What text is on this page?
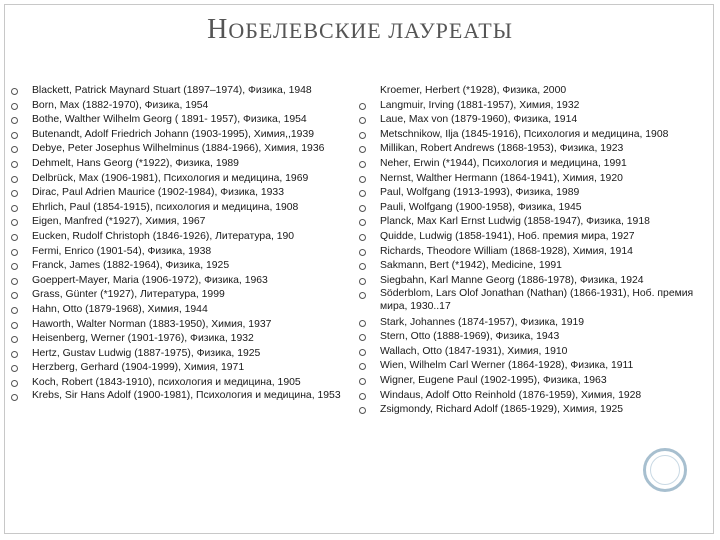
НОБЕЛЕВСКИЕ ЛАУРЕАТЫ
Blackett, Patrick Maynard Stuart (1897–1974), Физика, 1948
Born, Max (1882-1970), Физика, 1954
Bothe, Walther Wilhelm Georg ( 1891- 1957), Физика, 1954
Butenandt, Adolf Friedrich Johann (1903-1995), Химия,,1939
Debye, Peter Josephus Wilhelminus (1884-1966), Химия, 1936
Dehmelt, Hans Georg (*1922), Физика, 1989
Delbrück, Max (1906-1981), Психология и медицина, 1969
Dirac, Paul Adrien Maurice (1902-1984), Физика, 1933
Ehrlich, Paul (1854-1915), психология и медицина, 1908
Eigen, Manfred (*1927), Химия, 1967
Eucken, Rudolf Christoph (1846-1926), Литература, 190
Fermi, Enrico (1901-54), Физика, 1938
Franck, James (1882-1964), Физика, 1925
Goeppert-Mayer, Maria (1906-1972), Физика, 1963
Grass, Günter (*1927), Литература, 1999
Hahn, Otto (1879-1968), Химия, 1944
Haworth, Walter Norman (1883-1950), Химия, 1937
Heisenberg, Werner (1901-1976), Физика, 1932
Hertz, Gustav Ludwig (1887-1975), Физика, 1925
Herzberg, Gerhard (1904-1999), Химия, 1971
Koch, Robert (1843-1910), психология и медицина, 1905
Krebs, Sir Hans Adolf (1900-1981), Психология и медицина, 1953
Kroemer, Herbert (*1928), Физика, 2000
Langmuir, Irving (1881-1957), Химия, 1932
Laue, Max von (1879-1960), Физика, 1914
Metschnikow, Ilja (1845-1916), Психология и медицина, 1908
Millikan, Robert Andrews (1868-1953), Физика, 1923
Neher, Erwin (*1944), Психология и медицина, 1991
Nernst, Walther Hermann (1864-1941), Химия, 1920
Paul, Wolfgang (1913-1993), Физика, 1989
Pauli, Wolfgang (1900-1958), Физика, 1945
Planck, Max Karl Ernst Ludwig (1858-1947), Физика, 1918
Quidde, Ludwig (1858-1941), Ноб. премия мира, 1927
Richards, Theodore William (1868-1928), Химия, 1914
Sakmann, Bert (*1942), Medicine, 1991
Siegbahn, Karl Manne Georg (1886-1978), Физика, 1924
Söderblom, Lars Olof Jonathan (Nathan) (1866-1931), Ноб. премия мира, 1930..17
Stark, Johannes (1874-1957), Физика, 1919
Stern, Otto (1888-1969), Физика, 1943
Wallach, Otto (1847-1931), Химия, 1910
Wien, Wilhelm Carl Werner (1864-1928), Физика, 1911
Wigner, Eugene Paul (1902-1995), Физика, 1963
Windaus, Adolf Otto Reinhold (1876-1959), Химия, 1928
Zsigmondy, Richard Adolf (1865-1929), Химия, 1925
